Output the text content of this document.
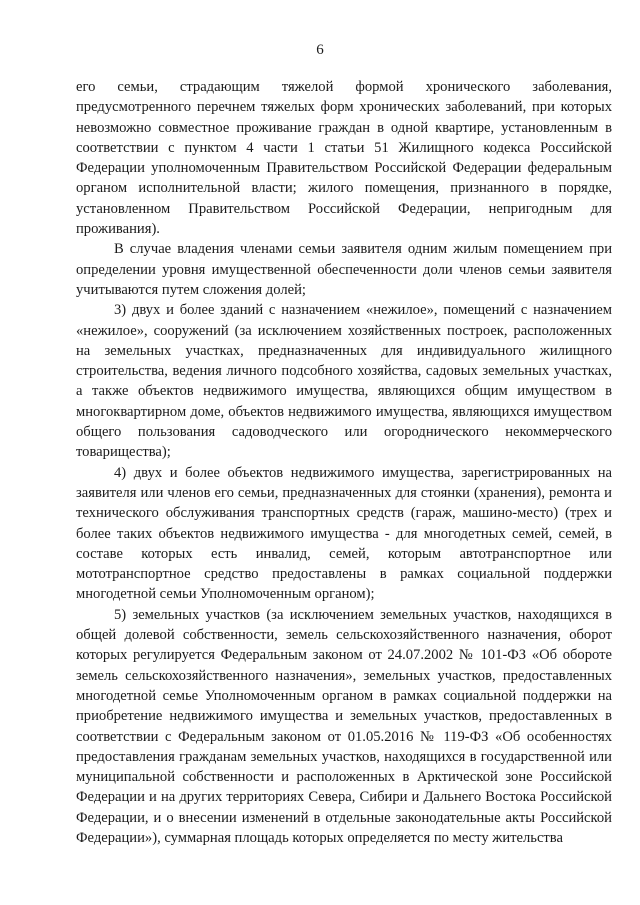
6

его семьи, страдающим тяжелой формой хронического заболевания, предусмотренного перечнем тяжелых форм хронических заболеваний, при которых невозможно совместное проживание граждан в одной квартире, установленным в соответствии с пунктом 4 части 1 статьи 51 Жилищного кодекса Российской Федерации уполномоченным Правительством Российской Федерации федеральным органом исполнительной власти; жилого помещения, признанного в порядке, установленном Правительством Российской Федерации, непригодным для проживания).

В случае владения членами семьи заявителя одним жилым помещением при определении уровня имущественной обеспеченности доли членов семьи заявителя учитываются путем сложения долей;

3) двух и более зданий с назначением «нежилое», помещений с назначением «нежилое», сооружений (за исключением хозяйственных построек, расположенных на земельных участках, предназначенных для индивидуального жилищного строительства, ведения личного подсобного хозяйства, садовых земельных участках, а также объектов недвижимого имущества, являющихся общим имуществом в многоквартирном доме, объектов недвижимого имущества, являющихся имуществом общего пользования садоводческого или огороднического некоммерческого товарищества);

4) двух и более объектов недвижимого имущества, зарегистрированных на заявителя или членов его семьи, предназначенных для стоянки (хранения), ремонта и технического обслуживания транспортных средств (гараж, машино-место) (трех и более таких объектов недвижимого имущества - для многодетных семей, семей, в составе которых есть инвалид, семей, которым автотранспортное или мототранспортное средство предоставлены в рамках социальной поддержки многодетной семьи Уполномоченным органом);

5) земельных участков (за исключением земельных участков, находящихся в общей долевой собственности, земель сельскохозяйственного назначения, оборот которых регулируется Федеральным законом от 24.07.2002 № 101-ФЗ «Об обороте земель сельскохозяйственного назначения», земельных участков, предоставленных многодетной семье Уполномоченным органом в рамках социальной поддержки на приобретение недвижимого имущества и земельных участков, предоставленных в соответствии с Федеральным законом от 01.05.2016 № 119-ФЗ «Об особенностях предоставления гражданам земельных участков, находящихся в государственной или муниципальной собственности и расположенных в Арктической зоне Российской Федерации и на других территориях Севера, Сибири и Дальнего Востока Российской Федерации, и о внесении изменений в отдельные законодательные акты Российской Федерации»), суммарная площадь которых определяется по месту жительства
